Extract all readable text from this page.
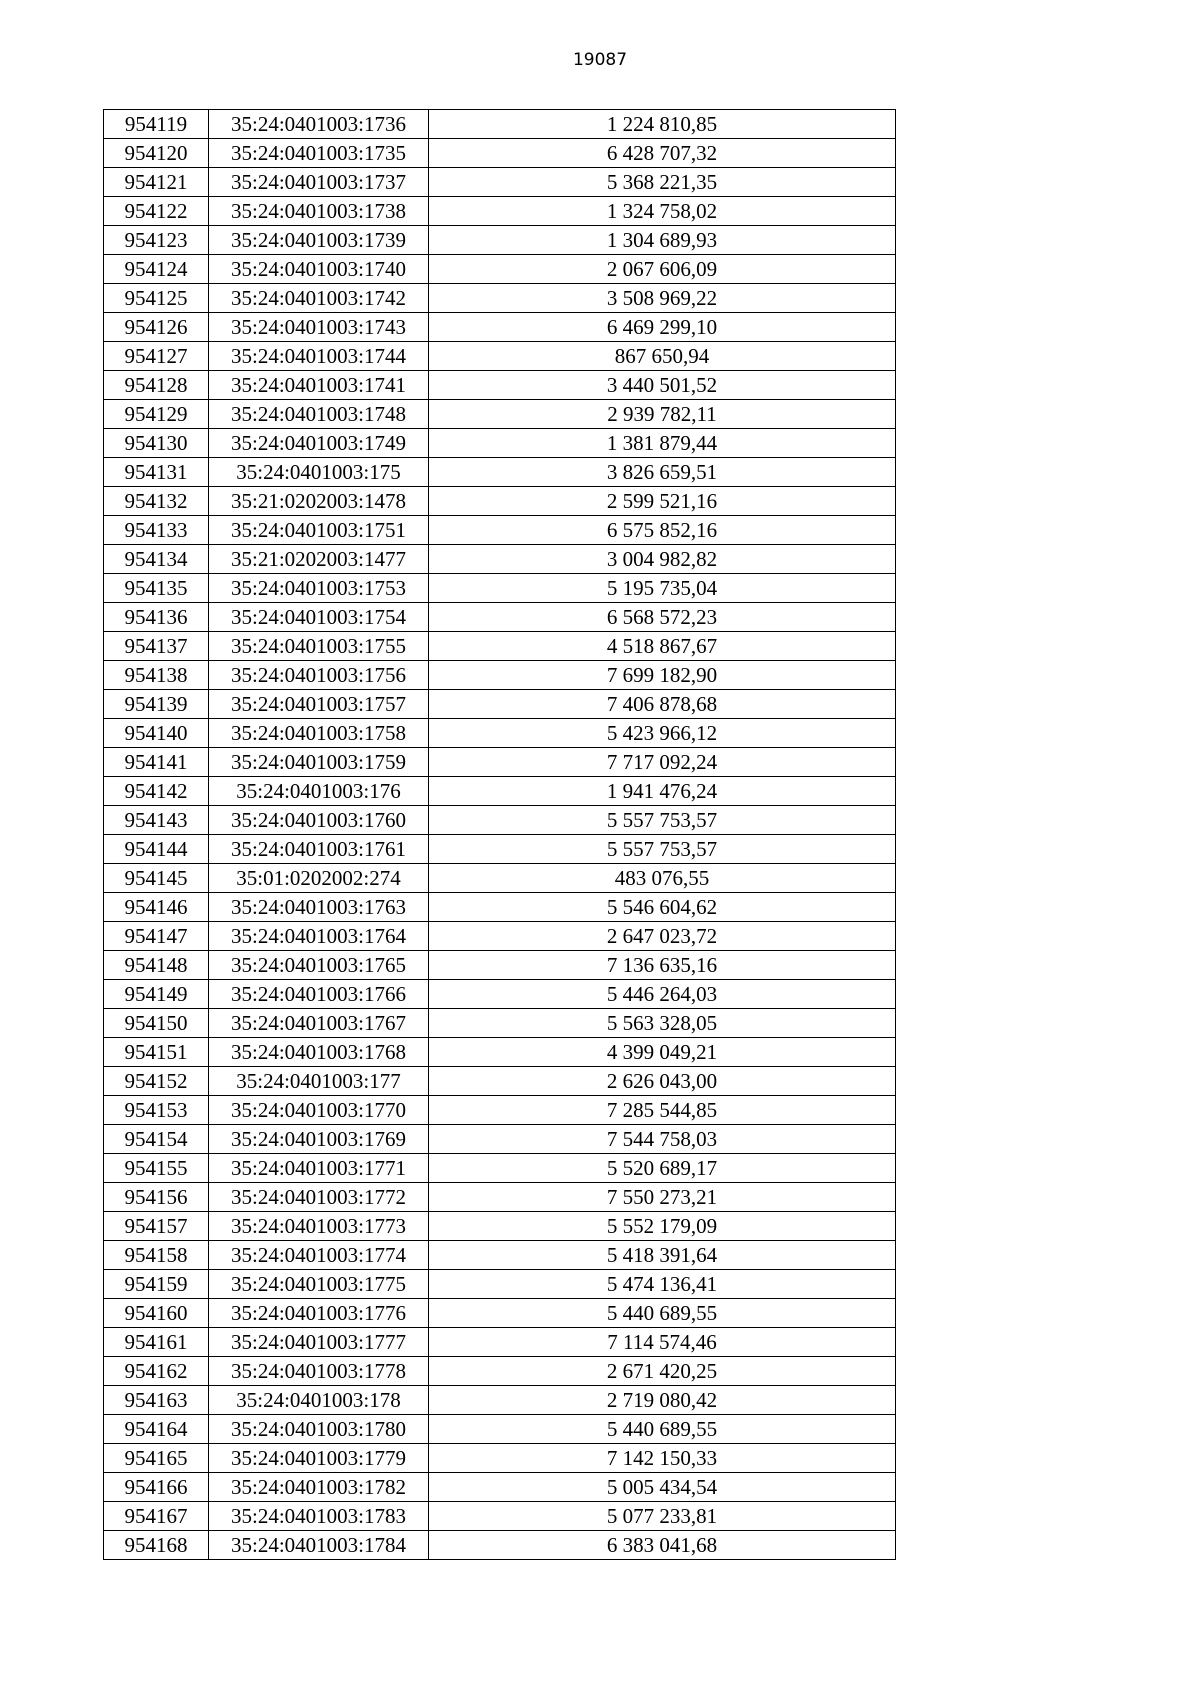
19087
954119	35:24:0401003:1736	1 224 810,85
954120	35:24:0401003:1735	6 428 707,32
954121	35:24:0401003:1737	5 368 221,35
954122	35:24:0401003:1738	1 324 758,02
954123	35:24:0401003:1739	1 304 689,93
954124	35:24:0401003:1740	2 067 606,09
954125	35:24:0401003:1742	3 508 969,22
954126	35:24:0401003:1743	6 469 299,10
954127	35:24:0401003:1744	867 650,94
954128	35:24:0401003:1741	3 440 501,52
954129	35:24:0401003:1748	2 939 782,11
954130	35:24:0401003:1749	1 381 879,44
954131	35:24:0401003:175	3 826 659,51
954132	35:21:0202003:1478	2 599 521,16
954133	35:24:0401003:1751	6 575 852,16
954134	35:21:0202003:1477	3 004 982,82
954135	35:24:0401003:1753	5 195 735,04
954136	35:24:0401003:1754	6 568 572,23
954137	35:24:0401003:1755	4 518 867,67
954138	35:24:0401003:1756	7 699 182,90
954139	35:24:0401003:1757	7 406 878,68
954140	35:24:0401003:1758	5 423 966,12
954141	35:24:0401003:1759	7 717 092,24
954142	35:24:0401003:176	1 941 476,24
954143	35:24:0401003:1760	5 557 753,57
954144	35:24:0401003:1761	5 557 753,57
954145	35:01:0202002:274	483 076,55
954146	35:24:0401003:1763	5 546 604,62
954147	35:24:0401003:1764	2 647 023,72
954148	35:24:0401003:1765	7 136 635,16
954149	35:24:0401003:1766	5 446 264,03
954150	35:24:0401003:1767	5 563 328,05
954151	35:24:0401003:1768	4 399 049,21
954152	35:24:0401003:177	2 626 043,00
954153	35:24:0401003:1770	7 285 544,85
954154	35:24:0401003:1769	7 544 758,03
954155	35:24:0401003:1771	5 520 689,17
954156	35:24:0401003:1772	7 550 273,21
954157	35:24:0401003:1773	5 552 179,09
954158	35:24:0401003:1774	5 418 391,64
954159	35:24:0401003:1775	5 474 136,41
954160	35:24:0401003:1776	5 440 689,55
954161	35:24:0401003:1777	7 114 574,46
954162	35:24:0401003:1778	2 671 420,25
954163	35:24:0401003:178	2 719 080,42
954164	35:24:0401003:1780	5 440 689,55
954165	35:24:0401003:1779	7 142 150,33
954166	35:24:0401003:1782	5 005 434,54
954167	35:24:0401003:1783	5 077 233,81
954168	35:24:0401003:1784	6 383 041,68
